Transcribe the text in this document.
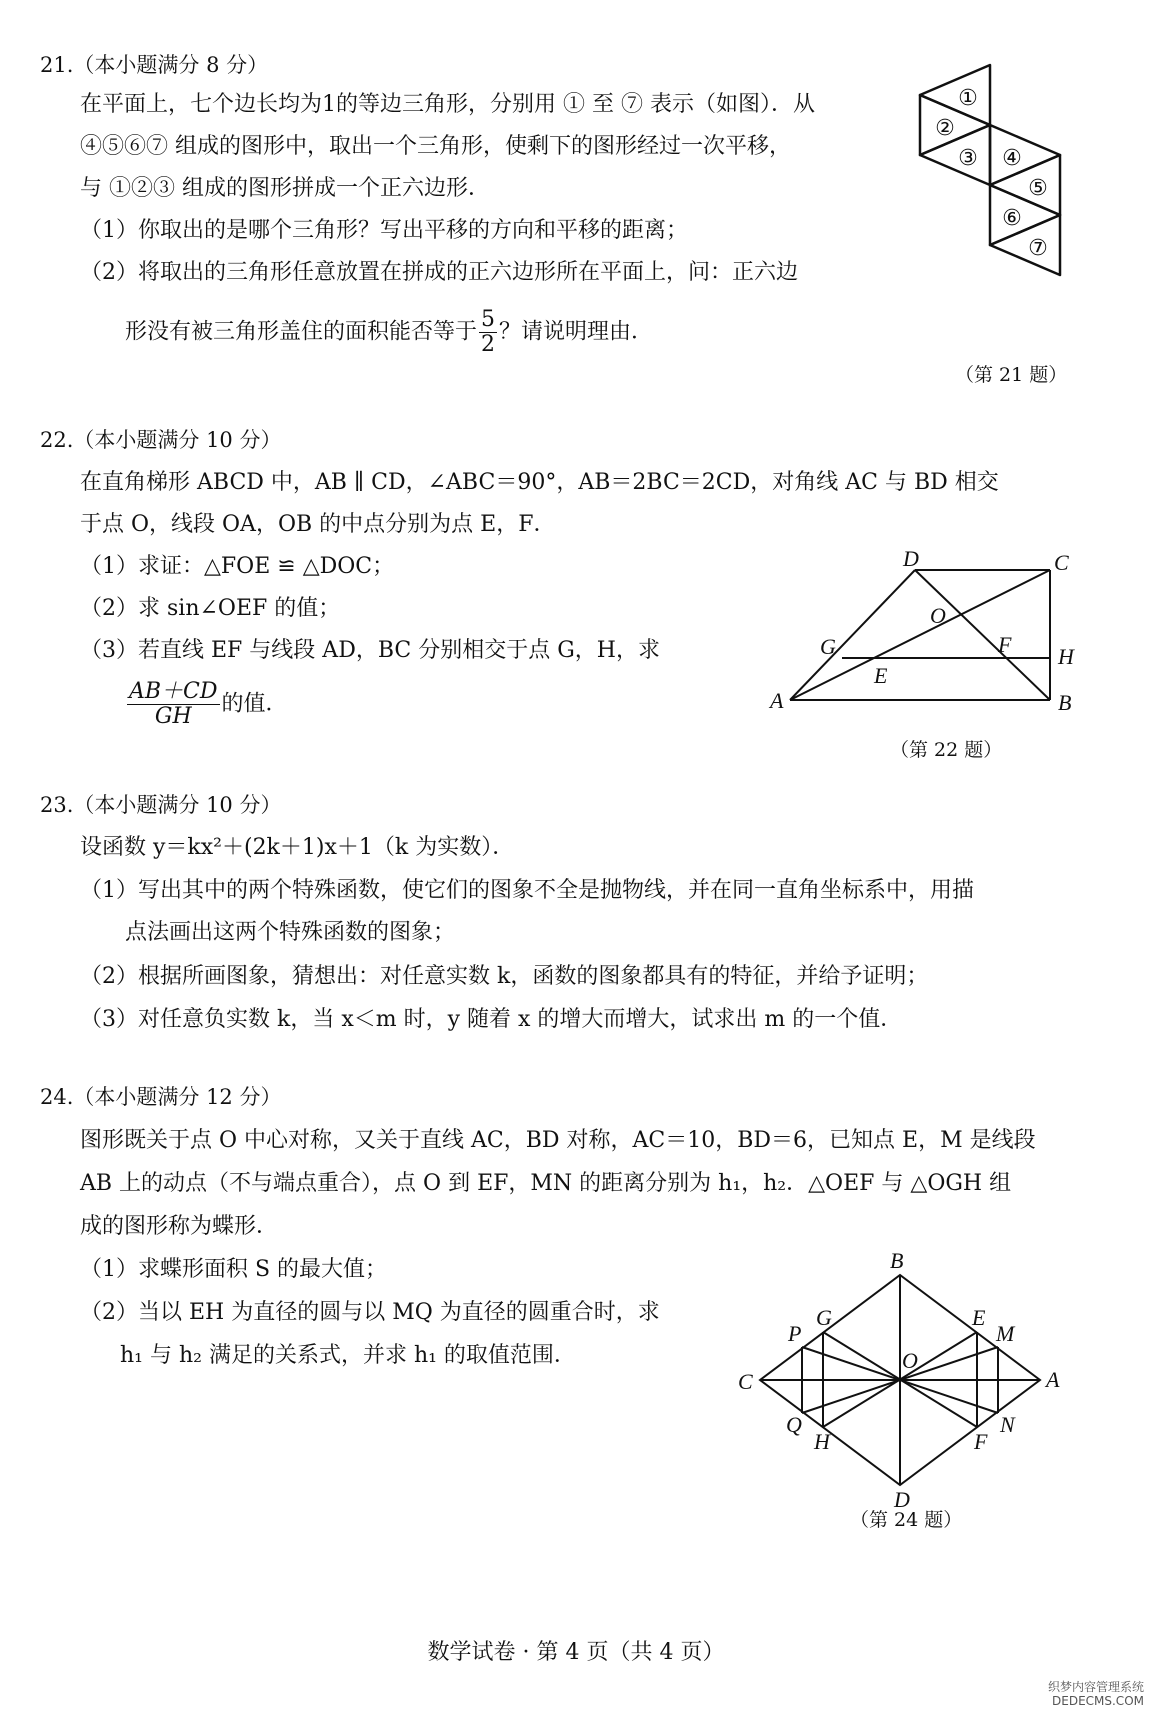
21.（本小题满分 8 分）
在平面上，七个边长均为1的等边三角形，分别用 ① 至 ⑦ 表示（如图）．从
④⑤⑥⑦ 组成的图形中，取出一个三角形，使剩下的图形经过一次平移，
与 ①②③ 组成的图形拼成一个正六边形．
（1）你取出的是哪个三角形？写出平移的方向和平移的距离；
（2）将取出的三角形任意放置在拼成的正六边形所在平面上，问：正六边
形没有被三角形盖住的面积能否等于 $\frac{5}{2}$ ？请说明理由．
①
②
③ ④
⑤
⑥
⑦
（第 21 题）
22.（本小题满分 10 分）
在直角梯形 ABCD 中，AB ∥ CD，∠ABC＝90°，AB＝2BC＝2CD，对角线 AC 与 BD 相交
于点 O，线段 OA，OB 的中点分别为点 E，F．
（1）求证：△FOE ≌ △DOC；
（2）求 sin∠OEF 的值；
（3）若直线 EF 与线段 AD，BC 分别相交于点 G，H，求
$\frac{AB+CD}{GH}$ 的值．	A	B
C
D
O
E
F
G	H
（第 22 题）
23.（本小题满分 10 分）
设函数 y＝kx²＋(2k＋1)x＋1（k 为实数）．
（1）写出其中的两个特殊函数，使它们的图象不全是抛物线，并在同一直角坐标系中，用描
点法画出这两个特殊函数的图象；
（2）根据所画图象，猜想出：对任意实数 k，函数的图象都具有的特征，并给予证明；
（3）对任意负实数 k，当 x＜m 时，y 随着 x 的增大而增大，试求出 m 的一个值．
24.（本小题满分 12 分）
图形既关于点 O 中心对称，又关于直线 AC，BD 对称，AC＝10，BD＝6，已知点 E，M 是线段
AB 上的动点（不与端点重合），点 O 到 EF，MN 的距离分别为 h₁，h₂．△OEF 与 △OGH 组
成的图形称为蝶形．
（1）求蝶形面积 S 的最大值；
（2）当以 EH 为直径的圆与以 MQ 为直径的圆重合时，求
h₁ 与 h₂ 满足的关系式，并求 h₁ 的取值范围．
B
A
C
D
O
E
M
F
N
G
P
H
Q
（第 24 题）
数学试卷 · 第 4 页（共 4 页）
织梦内容管理系统
DEDECMS.COM
